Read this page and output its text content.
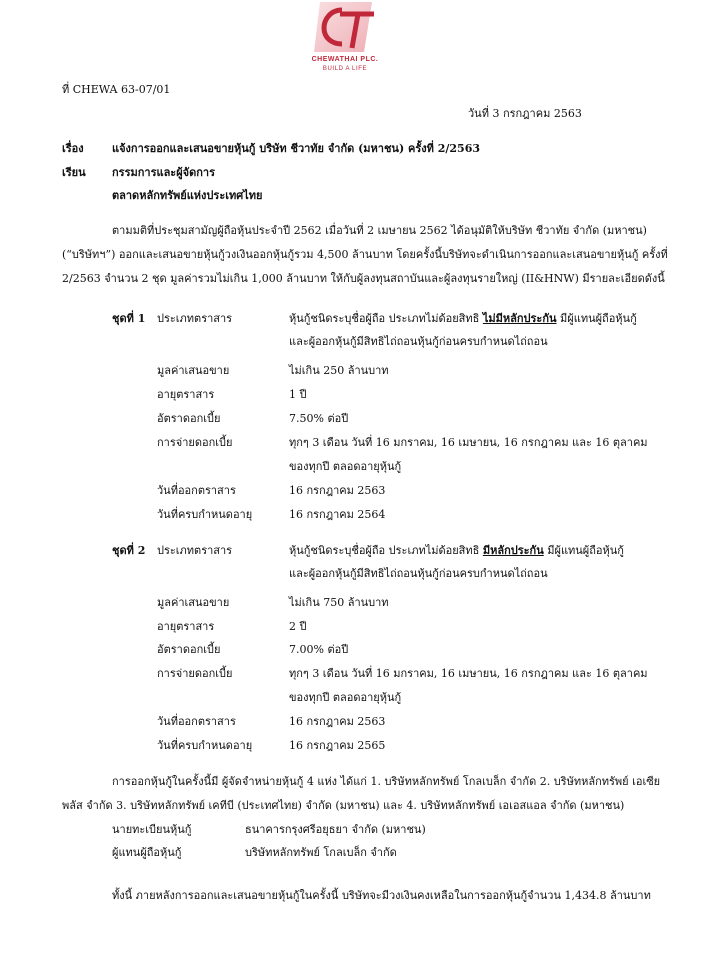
CHEWATHAI PLC.
BUILD A LIFE
ที่ CHEWA 63-07/01
วันที่ 3 กรกฎาคม 2563
เรื่อง	แจ้งการออกและเสนอขายหุ้นกู้ บริษัท ชีวาทัย จำกัด (มหาชน) ครั้งที่ 2/2563
เรียน กรรมการและผู้จัดการ
ตลาดหลักทรัพย์แห่งประเทศไทย
ตามมติที่ประชุมสามัญผู้ถือหุ้นประจำปี 2562 เมื่อวันที่ 2 เมษายน 2562 ได้อนุมัติให้บริษัท ชีวาทัย จำกัด (มหาชน)
(“บริษัทฯ”) ออกและเสนอขายหุ้นกู้วงเงินออกหุ้นกู้รวม 4,500 ล้านบาท โดยครั้งนี้บริษัทจะดำเนินการออกและเสนอขายหุ้นกู้ ครั้งที่
2/2563 จำนวน 2 ชุด มูลค่ารวมไม่เกิน 1,000 ล้านบาท ให้กับผู้ลงทุนสถาบันและผู้ลงทุนรายใหญ่ (II&HNW) มีรายละเอียดดังนี้
ชุดที่ 1 ประเภทตราสาร	หุ้นกู้ชนิดระบุชื่อผู้ถือ ประเภทไม่ด้อยสิทธิ ไม่มีหลักประกัน มีผู้แทนผู้ถือหุ้นกู้
และผู้ออกหุ้นกู้มีสิทธิไถ่ถอนหุ้นกู้ก่อนครบกำหนดไถ่ถอน
มูลค่าเสนอขาย	ไม่เกิน 250 ล้านบาท
อายุตราสาร	1 ปี
อัตราดอกเบี้ย	7.50% ต่อปี
การจ่ายดอกเบี้ย	ทุกๆ 3 เดือน วันที่ 16 มกราคม, 16 เมษายน, 16 กรกฎาคม และ 16 ตุลาคม
ของทุกปี ตลอดอายุหุ้นกู้
วันที่ออกตราสาร	16 กรกฎาคม 2563
วันที่ครบกำหนดอายุ	16 กรกฎาคม 2564
ชุดที่ 2 ประเภทตราสาร	หุ้นกู้ชนิดระบุชื่อผู้ถือ ประเภทไม่ด้อยสิทธิ มีหลักประกัน มีผู้แทนผู้ถือหุ้นกู้
และผู้ออกหุ้นกู้มีสิทธิไถ่ถอนหุ้นกู้ก่อนครบกำหนดไถ่ถอน
มูลค่าเสนอขาย	ไม่เกิน 750 ล้านบาท
อายุตราสาร	2 ปี
อัตราดอกเบี้ย	7.00% ต่อปี
การจ่ายดอกเบี้ย	ทุกๆ 3 เดือน วันที่ 16 มกราคม, 16 เมษายน, 16 กรกฎาคม และ 16 ตุลาคม
ของทุกปี ตลอดอายุหุ้นกู้
วันที่ออกตราสาร	16 กรกฎาคม 2563
วันที่ครบกำหนดอายุ	16 กรกฎาคม 2565
การออกหุ้นกู้ในครั้งนี้มี ผู้จัดจำหน่ายหุ้นกู้ 4 แห่ง ได้แก่ 1. บริษัทหลักทรัพย์ โกลเบล็ก จำกัด 2. บริษัทหลักทรัพย์ เอเซีย
พลัส จำกัด 3. บริษัทหลักทรัพย์ เคทีบี (ประเทศไทย) จำกัด (มหาชน) และ 4. บริษัทหลักทรัพย์ เอเอสแอล จำกัด (มหาชน)
นายทะเบียนหุ้นกู้	ธนาคารกรุงศรีอยุธยา จำกัด (มหาชน)
ผู้แทนผู้ถือหุ้นกู้	บริษัทหลักทรัพย์ โกลเบล็ก จำกัด
ทั้งนี้ ภายหลังการออกและเสนอขายหุ้นกู้ในครั้งนี้ บริษัทจะมีวงเงินคงเหลือในการออกหุ้นกู้จำนวน 1,434.8 ล้านบาท
